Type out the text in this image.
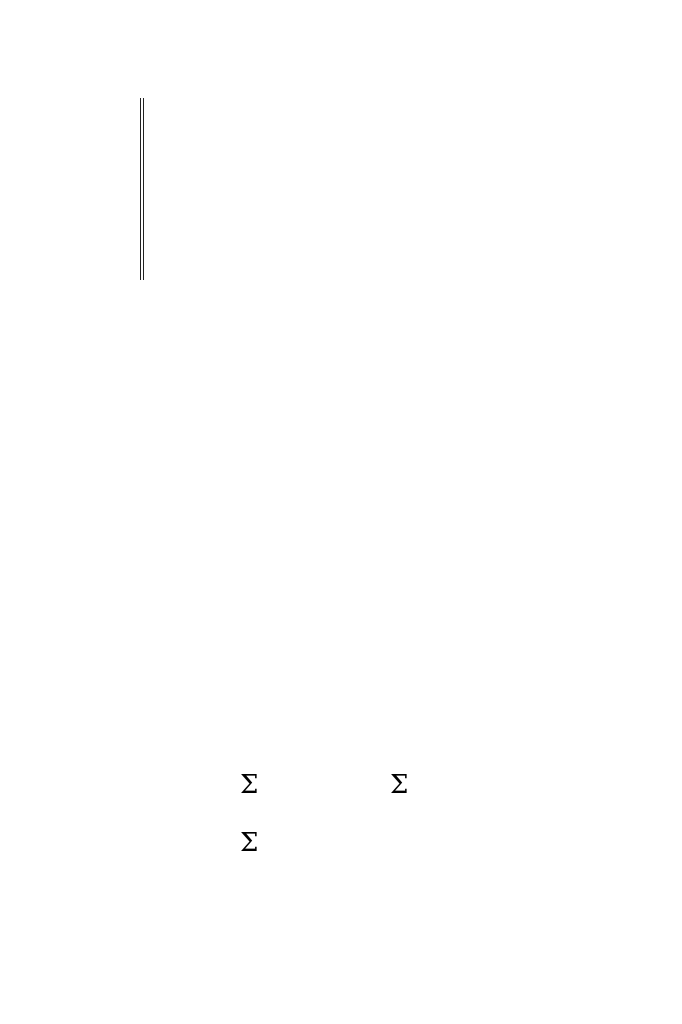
Σ	Σ
Σ
